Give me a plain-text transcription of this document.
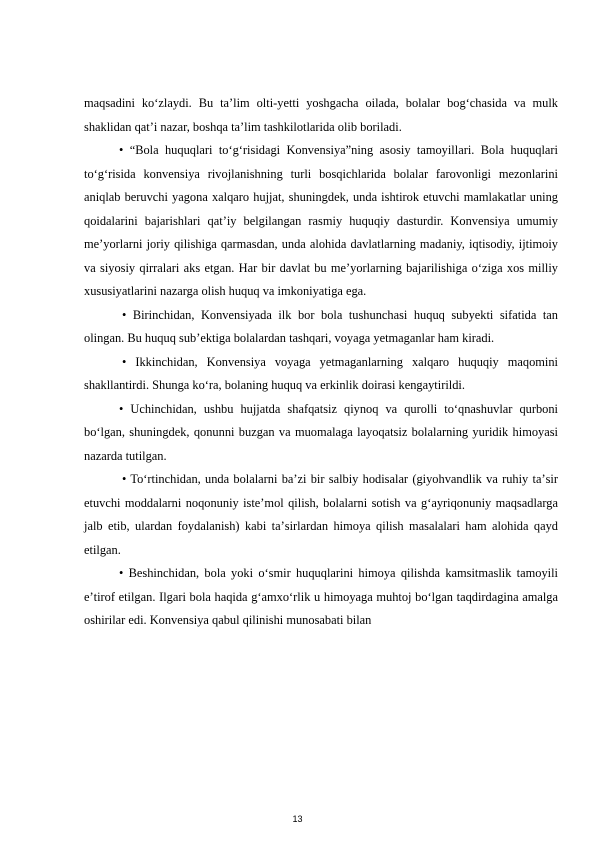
maqsadini ko‘zlaydi. Bu ta’lim olti-yetti yoshgacha oilada, bolalar bog‘chasida va mulk shaklidan qat’i nazar, boshqa ta’lim tashkilotlarida olib boriladi.

• “Bola huquqlari to‘g‘risidagi Konvensiya”ning asosiy tamoyillari. Bola huquqlari toʻgʻrisida konvensiya rivojlanishning turli bosqichlarida bolalar farovonligi mezonlarini aniqlab beruvchi yagona xalqaro hujjat, shuningdek, unda ishtirok etuvchi mamlakatlar uning qoidalarini bajarishlari qat’iy belgilangan rasmiy huquqiy dasturdir. Konvensiya umumiy meʼyorlarni joriy qilishiga qarmasdan, unda alohida davlatlarning madaniy, iqtisodiy, ijtimoiy va siyosiy qirralari aks etgan. Har bir davlat bu meʼyorlarning bajarilishiga oʻziga xos milliy xususiyatlarini nazarga olish huquq va imkoniyatiga ega.

• Birinchidan, Konvensiyada ilk bor bola tushunchasi huquq subyekti sifatida tan olingan. Bu huquq subʼektiga bolalardan tashqari, voyaga yetmaganlar ham kiradi.

• Ikkinchidan, Konvensiya voyaga yetmaganlarning xalqaro huquqiy maqomini shakllantirdi. Shunga koʻra, bolaning huquq va erkinlik doirasi kengaytirildi.

• Uchinchidan, ushbu hujjatda shafqatsiz qiynoq va qurolli toʻqnashuvlar qurboni boʻlgan, shuningdek, qonunni buzgan va muomalaga layoqatsiz bolalarning yuridik himoyasi nazarda tutilgan.

• Toʻrtinchidan, unda bolalarni baʼzi bir salbiy hodisalar (giyohvandlik va ruhiy taʼsir etuvchi moddalarni noqonuniy isteʼmol qilish, bolalarni sotish va gʻayriqonuniy maqsadlarga jalb etib, ulardan foydalanish) kabi taʼsirlardan himoya qilish masalalari ham alohida qayd etilgan.

• Beshinchidan, bola yoki oʻsmir huquqlarini himoya qilishda kamsitmaslik tamoyili eʼtirof etilgan. Ilgari bola haqida gʻamxoʻrlik u himoyaga muhtoj boʻlgan taqdirdagina amalga oshirilar edi. Konvensiya qabul qilinishi munosabati bilan

13
